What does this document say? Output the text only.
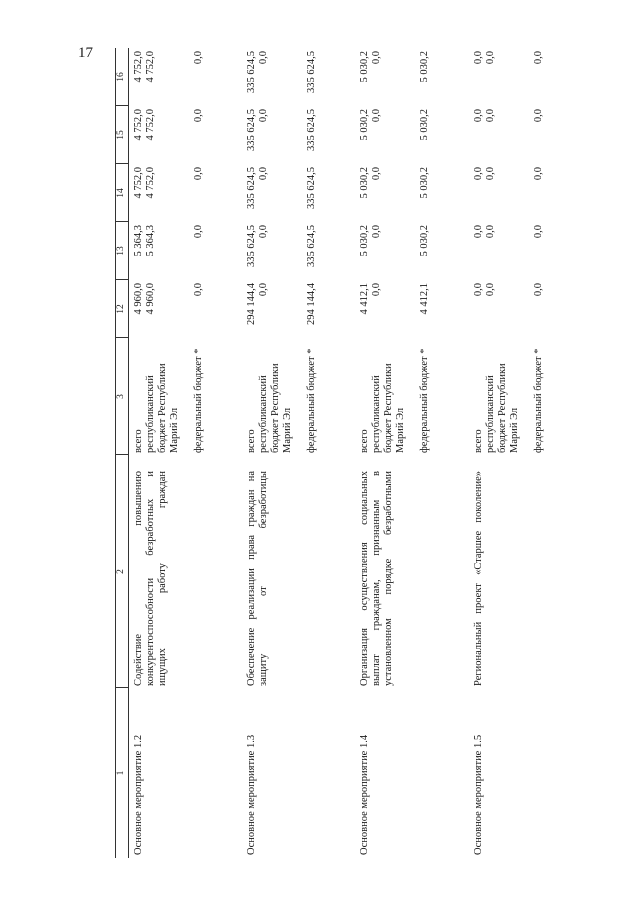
17
1
2
3
12
13
14
15
16
Основное мероприятие 1.2
Содействие повышению конкурентоспособности безработных и ищущих работу граждан
всего республиканский бюджет Республики Марий Эл федеральный бюджет *
4 960,0
5 364,3
4 752,0
4 752,0
4 752,0
4 960,0
5 364,3
4 752,0
4 752,0
4 752,0
0,0
0,0
0,0
0,0
0,0
Основное мероприятие 1.3
Обеспечение реализации права граждан на защиту от безработицы
всего республиканский бюджет Республики Марий Эл федеральный бюджет *
294 144,4
335 624,5
335 624,5
335 624,5
335 624,5
0,0
0,0
0,0
0,0
0,0
294 144,4
335 624,5
335 624,5
335 624,5
335 624,5
Основное мероприятие 1.4
Организация осуществления социальных выплат гражданам, признанным в установленном порядке безработными
всего республиканский бюджет Республики Марий Эл федеральный бюджет *
4 412,1
5 030,2
5 030,2
5 030,2
5 030,2
0,0
0,0
0,0
0,0
0,0
4 412,1
5 030,2
5 030,2
5 030,2
5 030,2
Основное мероприятие 1.5
Региональный проект «Старшее поколение»
всего республиканский бюджет Республики Марий Эл федеральный бюджет *
0,0
0,0
0,0
0,0
0,0
0,0
0,0
0,0
0,0
0,0
0,0
0,0
0,0
0,0
0,0
